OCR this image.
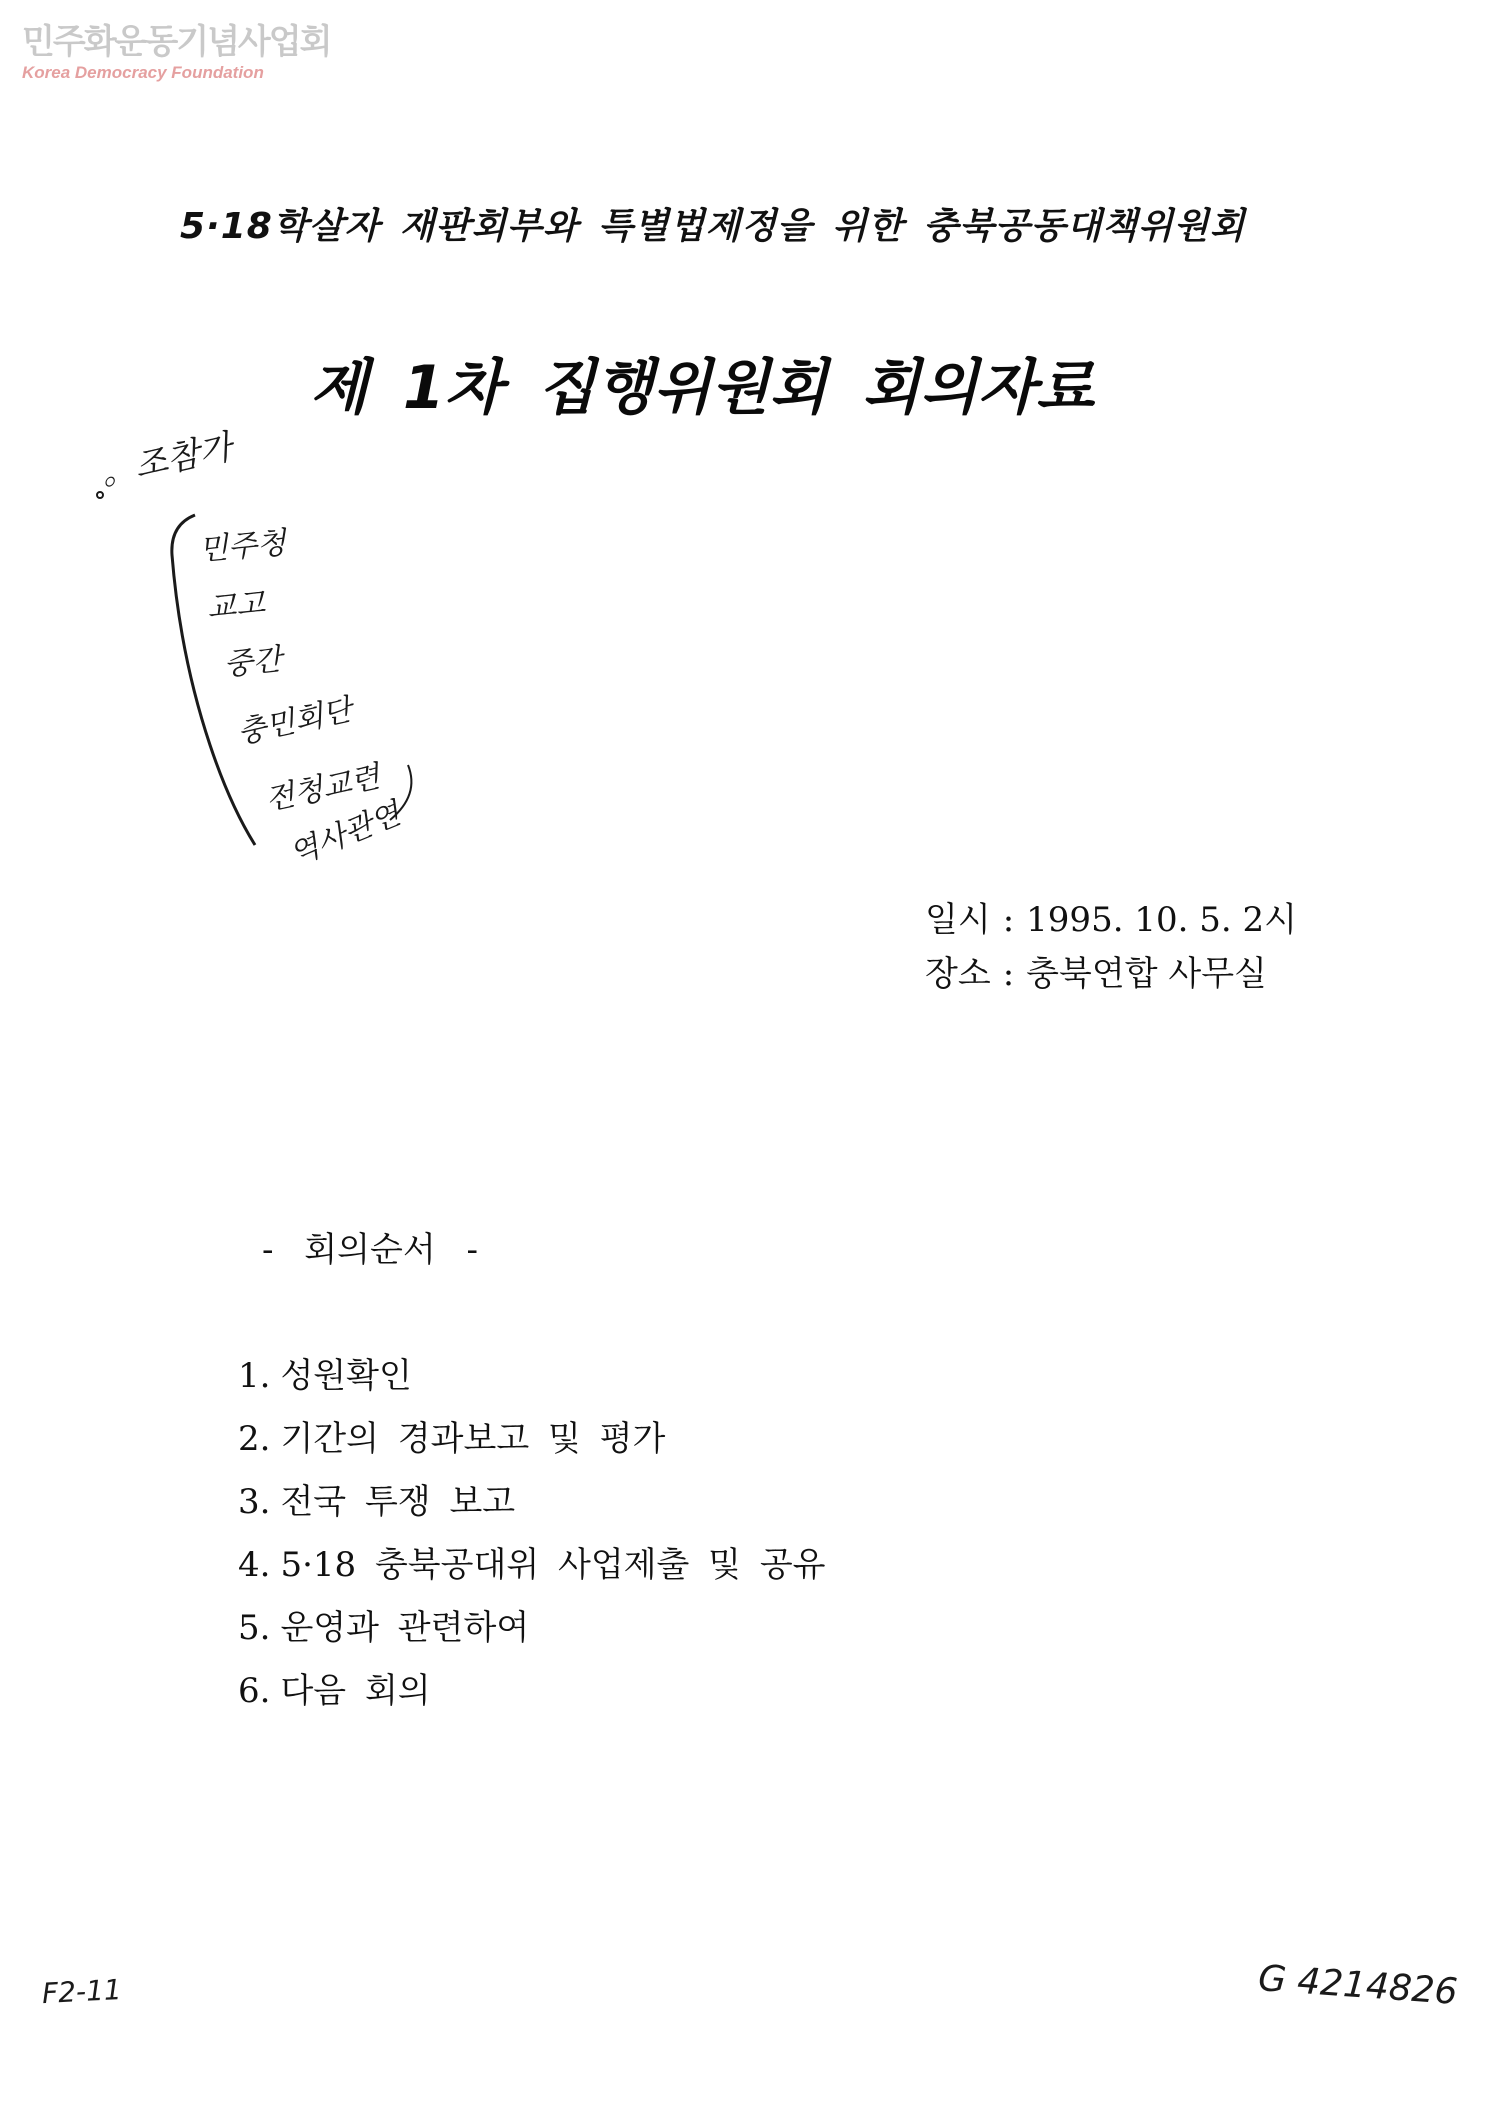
민주화운동기념사업회
Korea Democracy Foundation
5·18학살자 재판회부와 특별법제정을 위한 충북공동대책위원회
제 1차 집행위원회 회의자료
。조참가
민주청
교고
중간
충민회단
전청교련
역사관연
일시 : 1995. 10. 5. 2시
장소 : 충북연합 사무실
- 회의순서 -
1. 성원확인
2. 기간의 경과보고 및 평가
3. 전국 투쟁 보고
4. 5·18 충북공대위 사업제출 및 공유
5. 운영과 관련하여
6. 다음 회의
F2-11	G 4214826
